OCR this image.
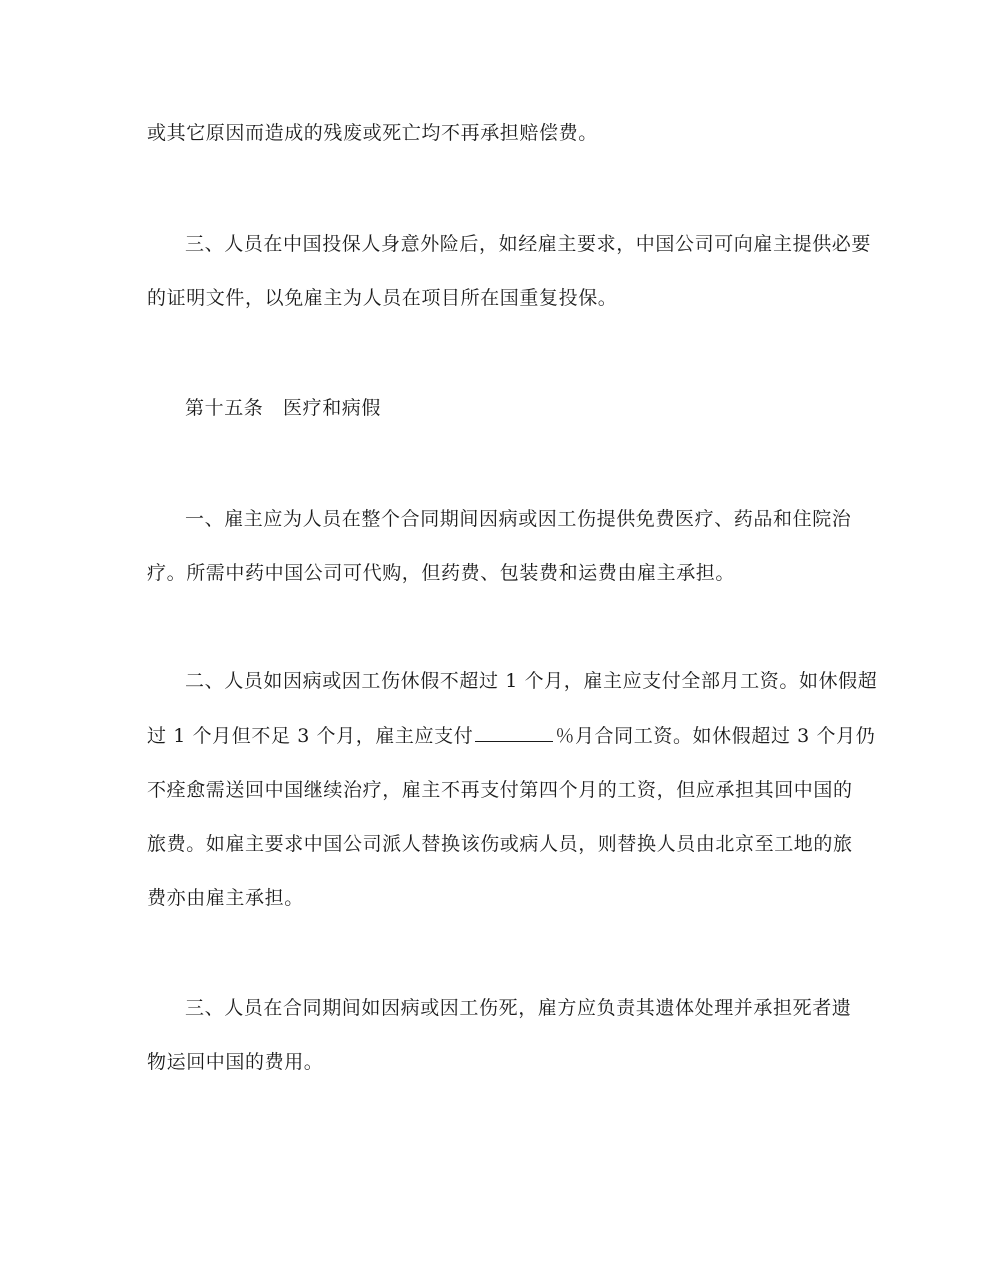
或其它原因而造成的残废或死亡均不再承担赔偿费。
三、人员在中国投保人身意外险后，如经雇主要求，中国公司可向雇主提供必要
的证明文件，以免雇主为人员在项目所在国重复投保。
第十五条　医疗和病假
一、雇主应为人员在整个合同期间因病或因工伤提供免费医疗、药品和住院治
疗。所需中药中国公司可代购，但药费、包装费和运费由雇主承担。
二、人员如因病或因工伤休假不超过 1 个月，雇主应支付全部月工资。如休假超
过 1 个月但不足 3 个月，雇主应支付	％月合同工资。如休假超过 3 个月仍
不痊愈需送回中国继续治疗，雇主不再支付第四个月的工资，但应承担其回中国的
旅费。如雇主要求中国公司派人替换该伤或病人员，则替换人员由北京至工地的旅
费亦由雇主承担。
三、人员在合同期间如因病或因工伤死，雇方应负责其遗体处理并承担死者遗
物运回中国的费用。
